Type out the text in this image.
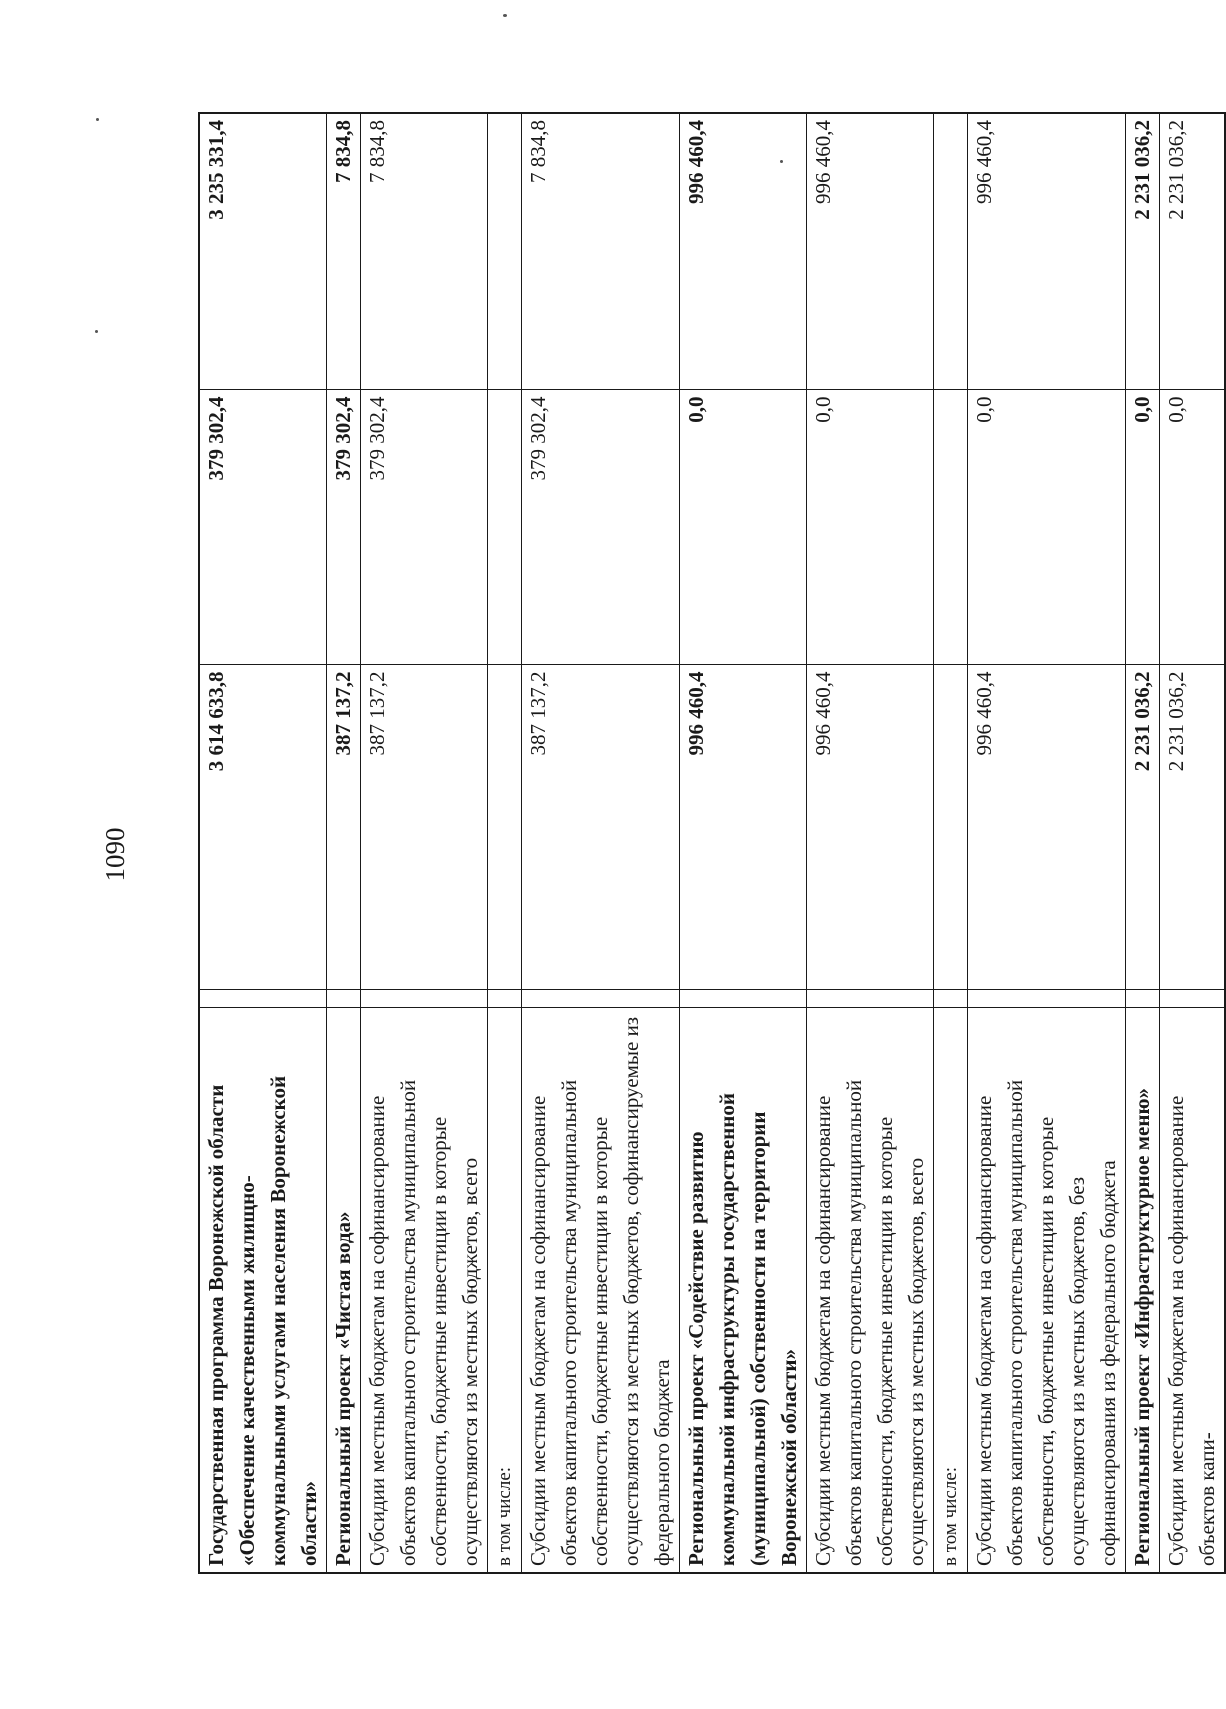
1090
Государственная программа Воронежской области «Обеспечение качественными жилищно-коммунальными услугами населения Воронежской области»		3 614 633,8	379 302,4	3 235 331,4
Региональный проект «Чистая вода»		387 137,2	379 302,4	7 834,8
Субсидии местным бюджетам на софинансирование объектов капитального строительства муниципальной собственности, бюджетные инвестиции в которые осуществляются из местных бюджетов, всего		387 137,2	379 302,4	7 834,8
в том числе:				
Субсидии местным бюджетам на софинансирование объектов капитального строительства муниципальной собственности, бюджетные инвестиции в которые осуществляются из местных бюджетов, софинансируемые из федерального бюджета		387 137,2	379 302,4	7 834,8
Региональный проект «Содействие развитию коммунальной инфраструктуры государственной (муниципальной) собственности на территории Воронежской области»		996 460,4	0,0	996 460,4
Субсидии местным бюджетам на софинансирование объектов капитального строительства муниципальной собственности, бюджетные инвестиции в которые осуществляются из местных бюджетов, всего		996 460,4	0,0	996 460,4
в том числе:				
Субсидии местным бюджетам на софинансирование объектов капитального строительства муниципальной собственности, бюджетные инвестиции в которые осуществляются из местных бюджетов, без софинансирования из федерального бюджета		996 460,4	0,0	996 460,4
Региональный проект «Инфраструктурное меню»		2 231 036,2	0,0	2 231 036,2
Субсидии местным бюджетам на софинансирование объектов капи-		2 231 036,2	0,0	2 231 036,2
